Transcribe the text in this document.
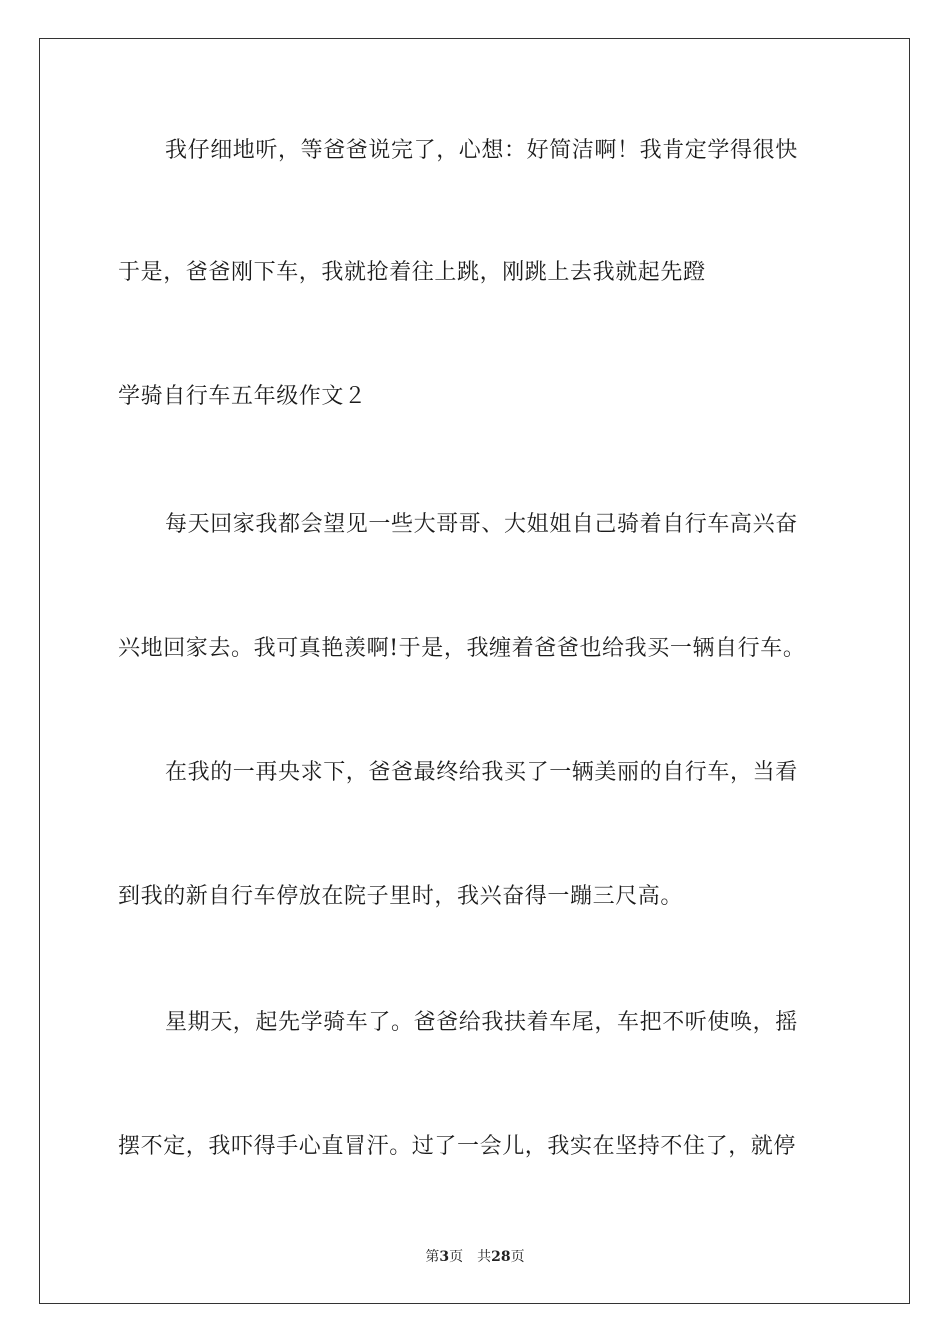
我仔细地听，等爸爸说完了，心想：好简洁啊！我肯定学得很快
于是，爸爸刚下车，我就抢着往上跳，刚跳上去我就起先蹬
学骑自行车五年级作文２
每天回家我都会望见一些大哥哥、大姐姐自己骑着自行车高兴奋
兴地回家去。我可真艳羡啊!于是，我缠着爸爸也给我买一辆自行车。
在我的一再央求下，爸爸最终给我买了一辆美丽的自行车，当看
到我的新自行车停放在院子里时，我兴奋得一蹦三尺高。
星期天，起先学骑车了。爸爸给我扶着车尾，车把不听使唤，摇
摆不定，我吓得手心直冒汗。过了一会儿，我实在坚持不住了，就停
第3页 共28页
